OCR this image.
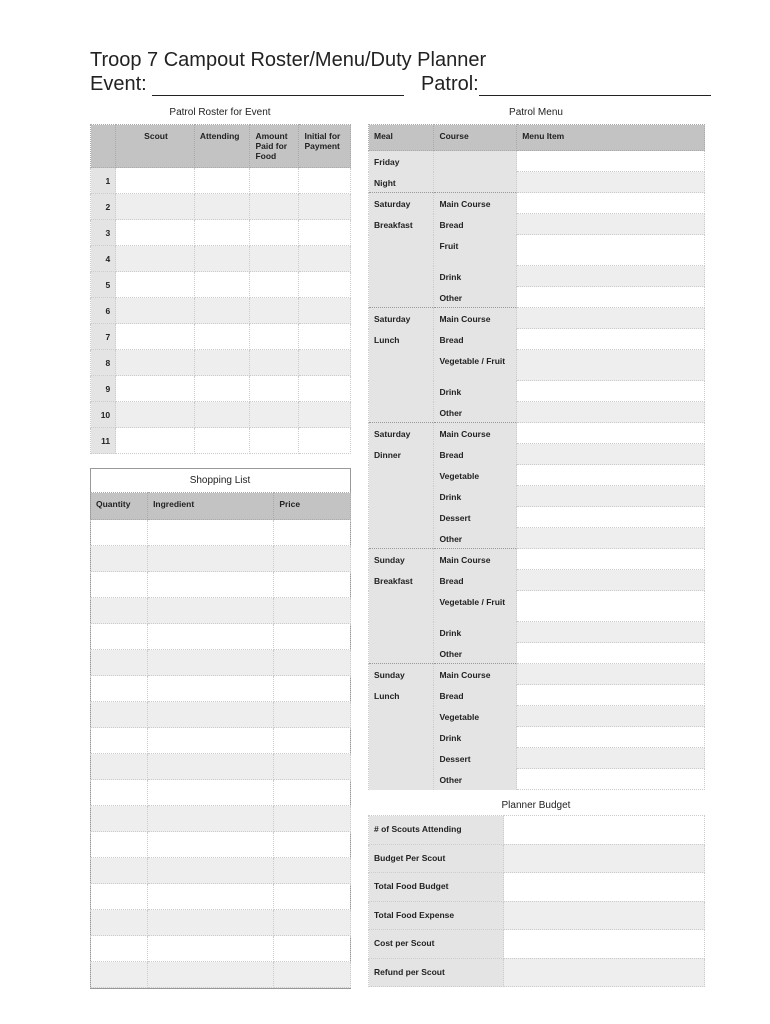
Troop 7 Campout Roster/Menu/Duty Planner
Event:	Patrol:
Patrol Roster for Event
	Scout	Attending	Amount Paid for Food	Initial for Payment
1				
2				
3				
4				
5				
6				
7				
8				
9				
10				
11				
Shopping List
Quantity	Ingredient	Price

Patrol Menu
Meal	Course	Menu Item
Friday		
Night		
Saturday	Main Course	
Breakfast	Bread	
	Fruit	
	Drink	
	Other	
Saturday	Main Course	
Lunch	Bread	
	Vegetable / Fruit	
	Drink	
	Other	
Saturday	Main Course	
Dinner	Bread	
	Vegetable	
	Drink	
	Dessert	
	Other	
Sunday	Main Course	
Breakfast	Bread	
	Vegetable / Fruit	
	Drink	
	Other	
Sunday	Main Course	
Lunch	Bread	
	Vegetable	
	Drink	
	Dessert	
	Other	
Planner Budget
# of Scouts Attending	
Budget Per Scout	
Total Food Budget	
Total Food Expense	
Cost per Scout	
Refund per Scout	
